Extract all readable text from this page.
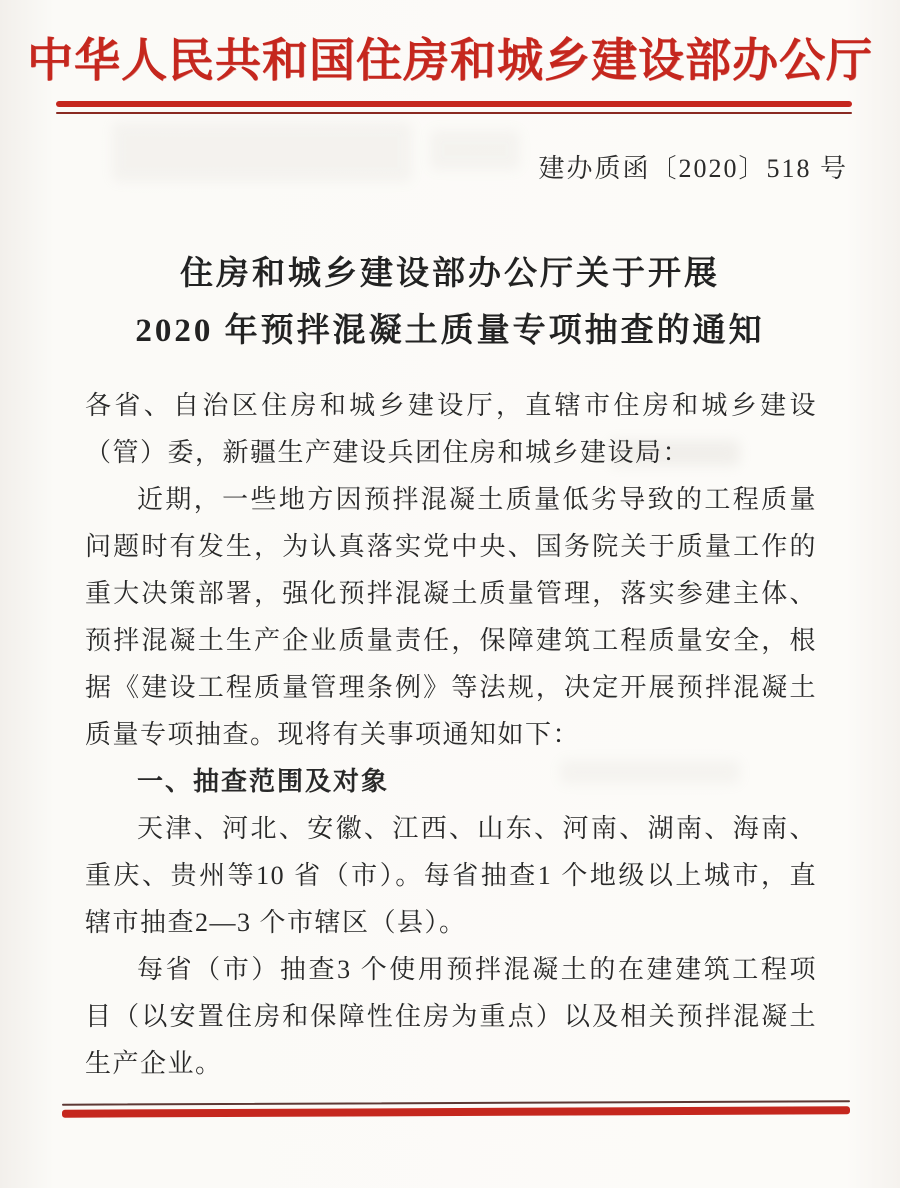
中华人民共和国住房和城乡建设部办公厅
建办质函〔2020〕518 号
住房和城乡建设部办公厅关于开展
2020 年预拌混凝土质量专项抽查的通知

各省、自治区住房和城乡建设厅，直辖市住房和城乡建设（管）委，新疆生产建设兵团住房和城乡建设局：

近期，一些地方因预拌混凝土质量低劣导致的工程质量问题时有发生，为认真落实党中央、国务院关于质量工作的重大决策部署，强化预拌混凝土质量管理，落实参建主体、预拌混凝土生产企业质量责任，保障建筑工程质量安全，根据《建设工程质量管理条例》等法规，决定开展预拌混凝土质量专项抽查。现将有关事项通知如下：

一、抽查范围及对象

天津、河北、安徽、江西、山东、河南、湖南、海南、重庆、贵州等10 省（市）。每省抽查1 个地级以上城市，直辖市抽查2—3 个市辖区（县）。

每省（市）抽查3 个使用预拌混凝土的在建建筑工程项目（以安置住房和保障性住房为重点）以及相关预拌混凝土生产企业。
